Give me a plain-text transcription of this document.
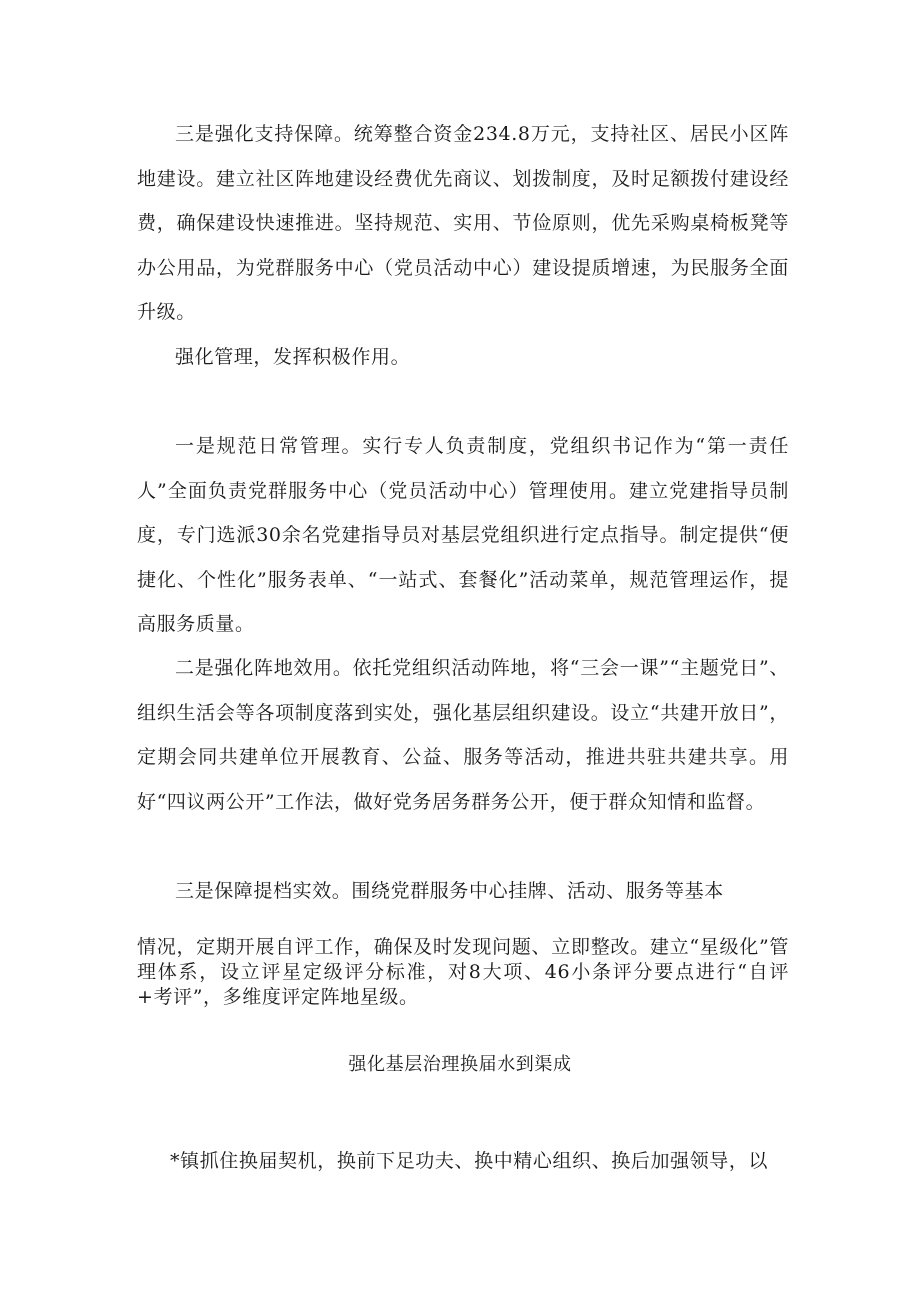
三是强化支持保障。统筹整合资金234.8万元，支持社区、居民小区阵地建设。建立社区阵地建设经费优先商议、划拨制度，及时足额拨付建设经费，确保建设快速推进。坚持规范、实用、节俭原则，优先采购桌椅板凳等办公用品，为党群服务中心（党员活动中心）建设提质增速，为民服务全面升级。

强化管理，发挥积极作用。

一是规范日常管理。实行专人负责制度，党组织书记作为“第一责任人”全面负责党群服务中心（党员活动中心）管理使用。建立党建指导员制度，专门选派30余名党建指导员对基层党组织进行定点指导。制定提供“便捷化、个性化”服务表单、“一站式、套餐化”活动菜单，规范管理运作，提高服务质量。

二是强化阵地效用。依托党组织活动阵地，将“三会一课”“主题党日”、组织生活会等各项制度落到实处，强化基层组织建设。设立“共建开放日”，定期会同共建单位开展教育、公益、服务等活动，推进共驻共建共享。用好“四议两公开”工作法，做好党务居务群务公开，便于群众知情和监督。

三是保障提档实效。围绕党群服务中心挂牌、活动、服务等基本

情况，定期开展自评工作，确保及时发现问题、立即整改。建立“星级化”管理体系，设立评星定级评分标准，对8大项、46小条评分要点进行“自评+考评”，多维度评定阵地星级。

强化基层治理换届水到渠成

*镇抓住换届契机，换前下足功夫、换中精心组织、换后加强领导，以
